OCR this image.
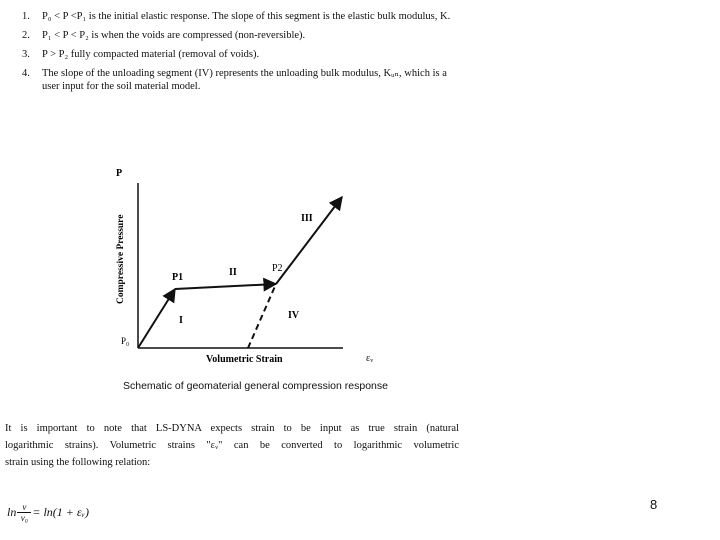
1.	P₀ < P <P₁ is the initial elastic response. The slope of this segment is the elastic bulk modulus, K.
2.	P₁ < P < P₂ is when the voids are compressed (non-reversible).
3.	P > P₂ fully compacted material (removal of voids).
4.	The slope of the unloading segment (IV) represents the unloading bulk modulus, Kᵤₙ, which is a user input for the soil material model.
P
Compressive Pressure
P₀
P1
P2
I
II
III
IV
Volumetric Strain	εᵥ
Schematic of geomaterial general compression response
It is important to note that LS-DYNA expects strain to be input as true strain (natural
logarithmic strains). Volumetric strains "εᵥ" can be converted to logarithmic volumetric
strain using the following relation:
$\ln \frac{v}{\text{v₀}} = \ln(1$ + εᵥ)	8
